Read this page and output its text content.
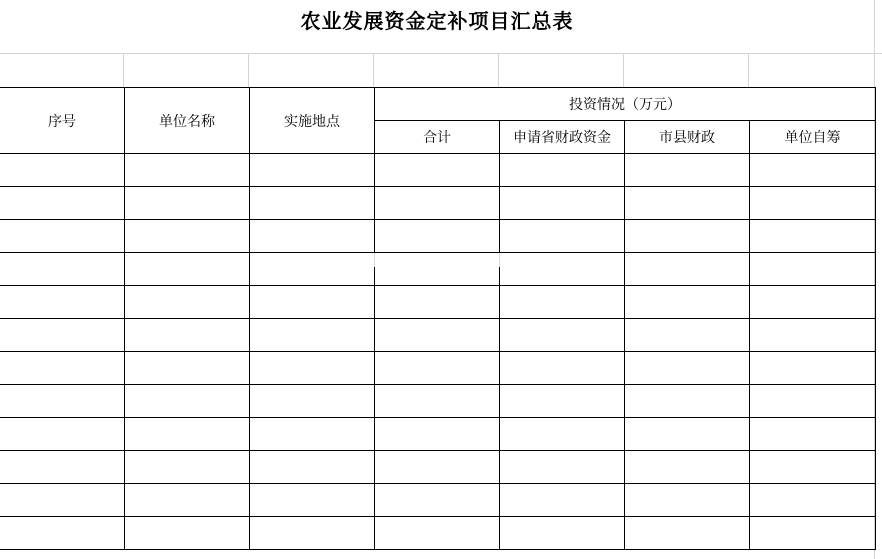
农业发展资金定补项目汇总表
序号	单位名称	实施地点	投资情况（万元）			
			合计	申请省财政资金	市县财政	单位自筹
